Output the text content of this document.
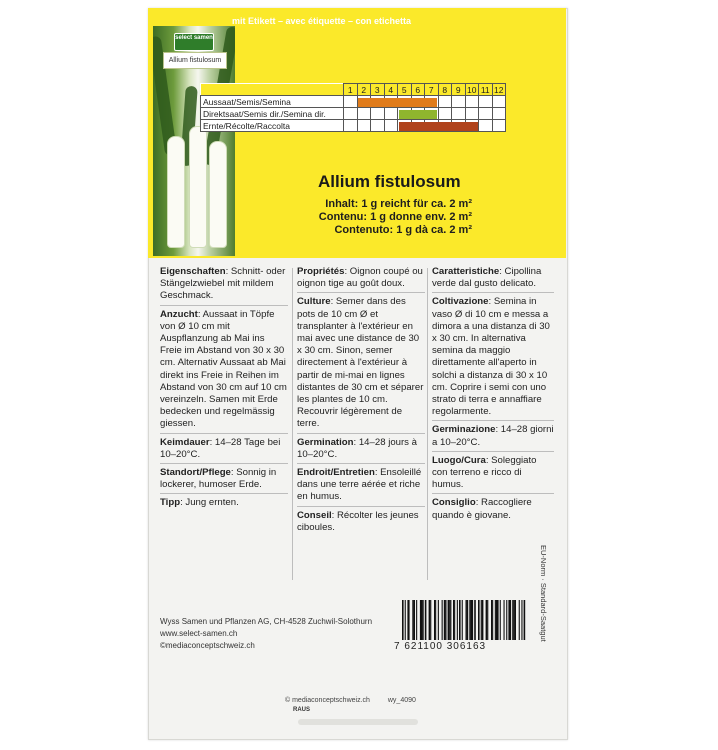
select samen
Allium fistulosum
mit Etikett – avec étiquette – con etichetta
	1	2	3	4	5	6	7	8	9	10	11	12
Aussaat/Semis/Semina												
Direktsaat/Semis dir./Semina dir.												
Ernte/Récolte/Raccolta												
Allium fistulosum
Inhalt: 1 g reicht für ca. 2 m²
Contenu: 1 g donne env. 2 m²
Contenuto: 1 g dà ca. 2 m²
Eigenschaften: Schnitt- oder Stängelzwiebel mit mildem Geschmack.
Anzucht: Aussaat in Töpfe von Ø 10 cm mit Auspflanzung ab Mai ins Freie im Abstand von 30 x 30 cm. Alternativ Aussaat ab Mai direkt ins Freie in Reihen im Abstand von 30 cm auf 10 cm vereinzeln. Samen mit Erde bedecken und regelmässig giessen.
Keimdauer: 14–28 Tage bei 10–20°C.
Standort/Pflege: Sonnig in lockerer, humoser Erde.
Tipp: Jung ernten.
Propriétés: Oignon coupé ou oignon tige au goût doux.
Culture: Semer dans des pots de 10 cm Ø et transplanter à l'extérieur en mai avec une distance de 30 x 30 cm. Sinon, semer directement à l'extérieur à partir de mi-mai en lignes distantes de 30 cm et séparer les plantes de 10 cm. Recouvrir légèrement de terre.
Germination: 14–28 jours à 10–20°C.
Endroit/Entretien: Ensoleillé dans une terre aérée et riche en humus.
Conseil: Récolter les jeunes ciboules.
Caratteristiche: Cipollina verde dal gusto delicato.
Coltivazione: Semina in vaso Ø di 10 cm e messa a dimora a una distanza di 30 x 30 cm. In alternativa semina da maggio direttamente all'aperto in solchi a distanza di 30 x 10 cm. Coprire i semi con uno strato di terra e annaffiare regolarmente.
Germinazione: 14–28 giorni a 10–20°C.
Luogo/Cura: Soleggiato con terreno e ricco di humus.
Consiglio: Raccogliere quando è giovane.
EU-Norm · Standard-Saatgut
Wyss Samen und Pflanzen AG, CH-4528 Zuchwil-Solothurn
www.select-samen.ch
©mediaconceptschweiz.ch	7 621100 306163
© mediaconceptschweiz.ch	wy_4090
RAUS
